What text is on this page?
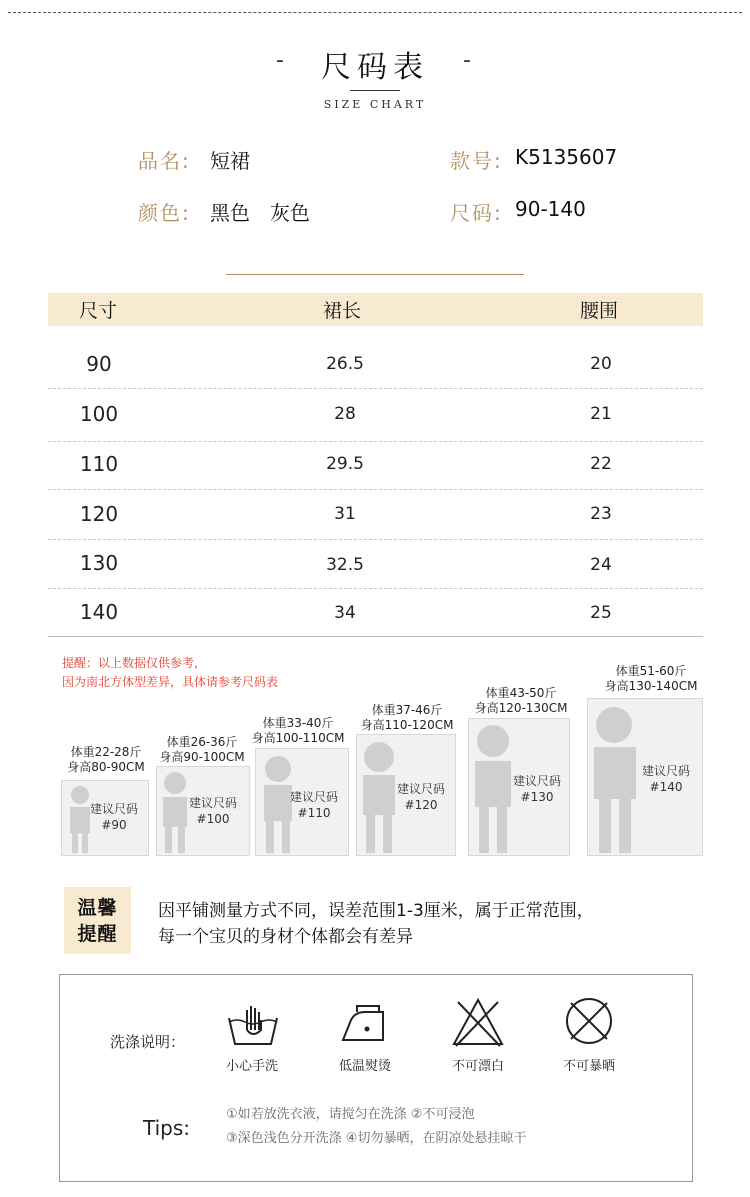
-	尺码表	-
SIZE CHART
品名: 短裙	款号: K5135607
颜色: 黑色　灰色	尺码: 90-140
尺寸	裙长	腰围
90	26.5	20
100	28	21
110	29.5	22
120	31	23
130	32.5	24
140	34	25
提醒：以上数据仅供参考，
因为南北方体型差异，具体请参考尺码表
体重22-28斤
身高80-90CM
建议尺码
#90
体重26-36斤
身高90-100CM
建议尺码
#100
体重33-40斤
身高100-110CM
建议尺码
#110
体重37-46斤
身高110-120CM
建议尺码
#120
体重43-50斤
身高120-130CM
建议尺码
#130
体重51-60斤
身高130-140CM
建议尺码
#140
温馨
提醒
因平铺测量方式不同，误差范围1-3厘米，属于正常范围，
每一个宝贝的身材个体都会有差异
洗涤说明：
小心手洗	低温熨烫	不可漂白	不可暴晒
Tips:
①如若放洗衣液，请搅匀在洗涤 ②不可浸泡
③深色浅色分开洗涤 ④切勿暴晒，在阴凉处悬挂晾干
